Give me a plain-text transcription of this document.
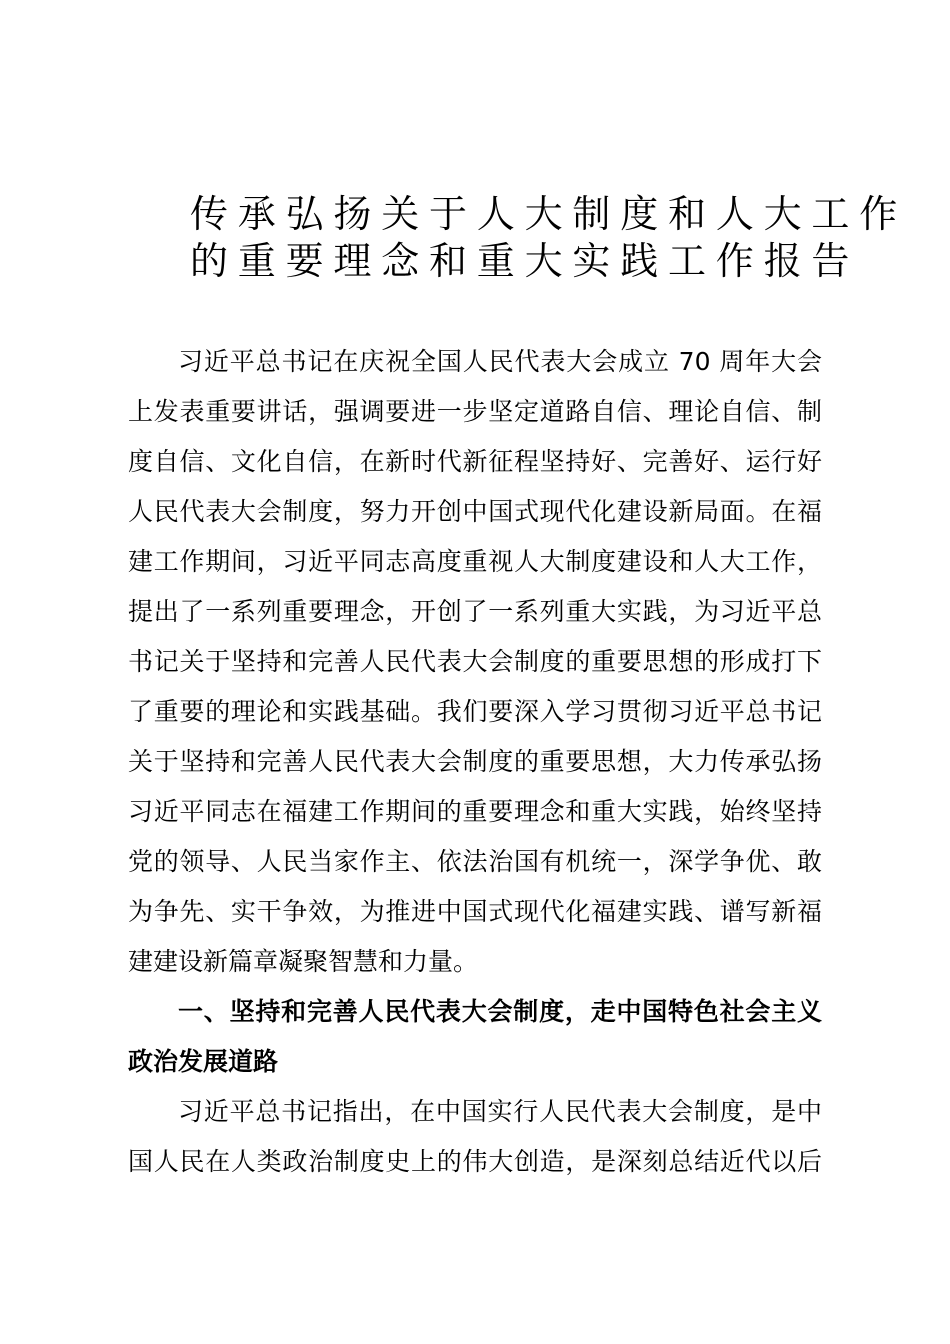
传承弘扬关于人大制度和人大工作
的重要理念和重大实践工作报告
习近平总书记在庆祝全国人民代表大会成立 70 周年大会
上发表重要讲话，强调要进一步坚定道路自信、理论自信、制
度自信、文化自信，在新时代新征程坚持好、完善好、运行好
人民代表大会制度，努力开创中国式现代化建设新局面。在福
建工作期间，习近平同志高度重视人大制度建设和人大工作，
提出了一系列重要理念，开创了一系列重大实践，为习近平总
书记关于坚持和完善人民代表大会制度的重要思想的形成打下
了重要的理论和实践基础。我们要深入学习贯彻习近平总书记
关于坚持和完善人民代表大会制度的重要思想，大力传承弘扬
习近平同志在福建工作期间的重要理念和重大实践，始终坚持
党的领导、人民当家作主、依法治国有机统一，深学争优、敢
为争先、实干争效，为推进中国式现代化福建实践、谱写新福
建建设新篇章凝聚智慧和力量。
一、坚持和完善人民代表大会制度，走中国特色社会主义
政治发展道路
习近平总书记指出，在中国实行人民代表大会制度，是中
国人民在人类政治制度史上的伟大创造，是深刻总结近代以后
